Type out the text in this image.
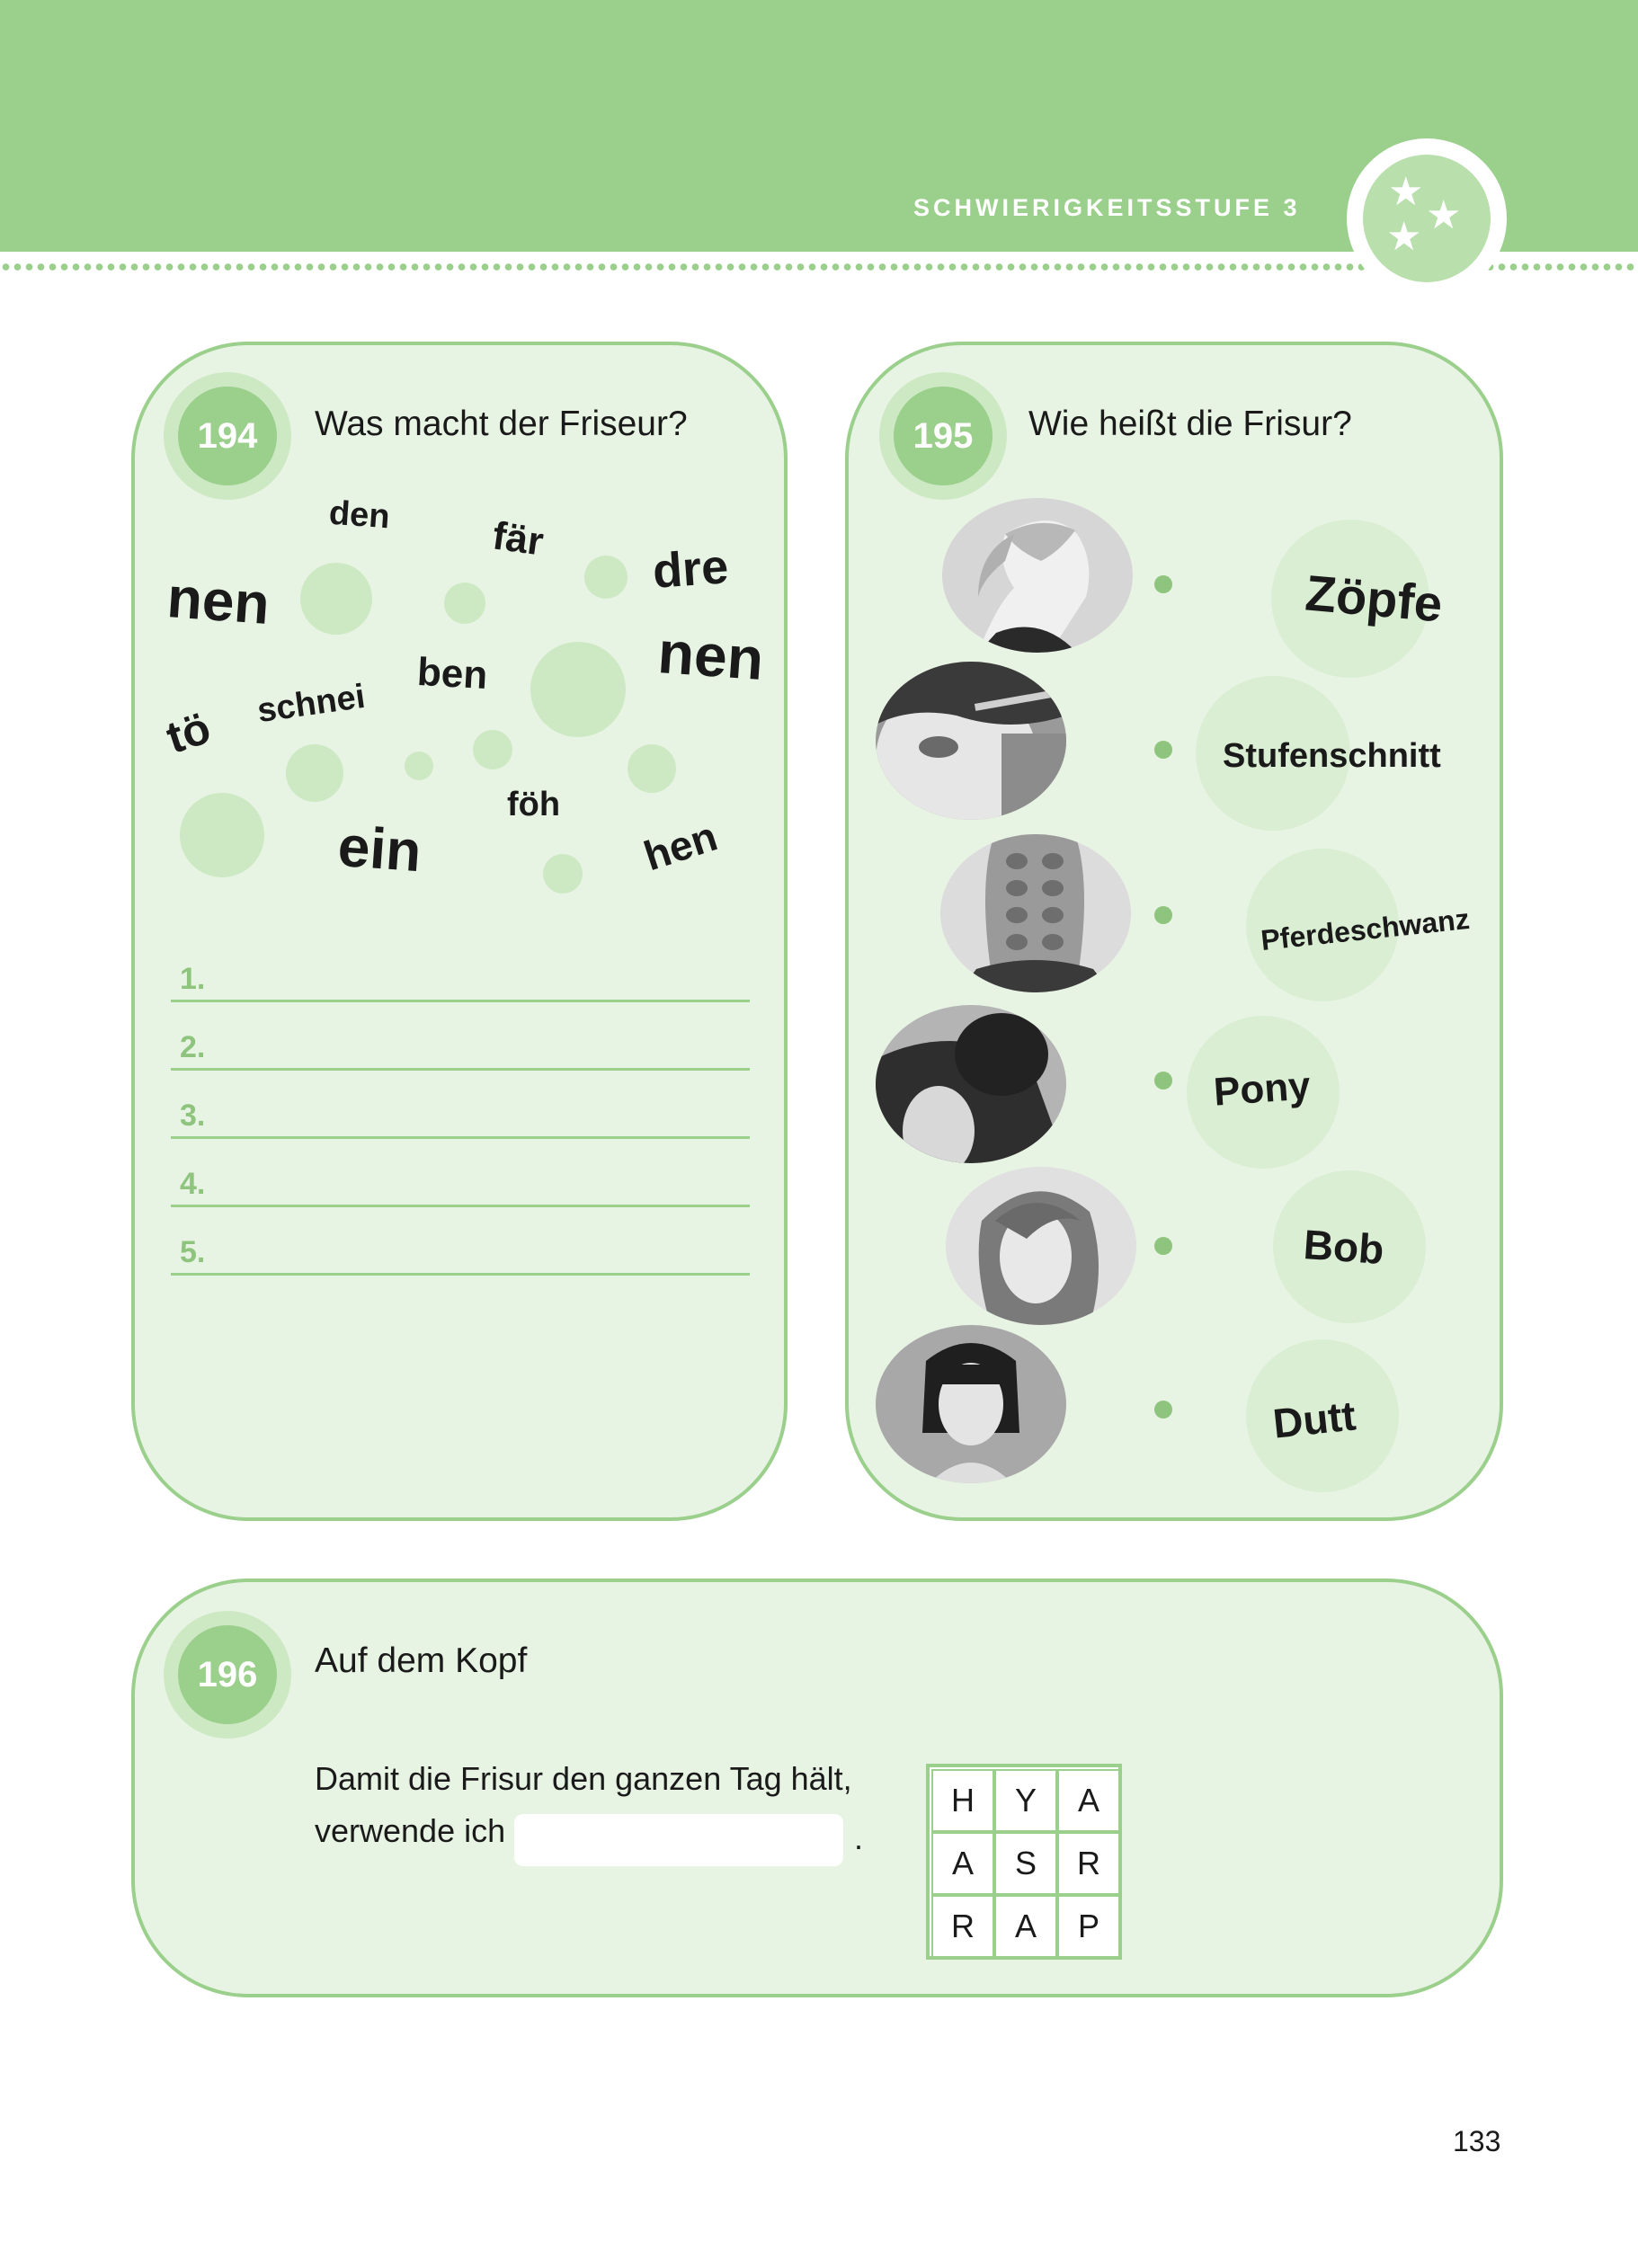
SCHWIERIGKEITSSTUFE 3 ★
★
★
194	Was macht der Friseur?
den fär
nen	dre
nen
ben
tö schnei
föh
ein	hen
1.
2.
3.
4.
5.
195	Wie heißt die Frisur?
Zöpfe
Stufenschnitt
Pferdeschwanz
Pony
Bob
Dutt
196	Auf dem Kopf
Damit die Frisur den ganzen Tag hält,
verwende ich	.
H	Y	A
A	S	R
R	A	P
133
